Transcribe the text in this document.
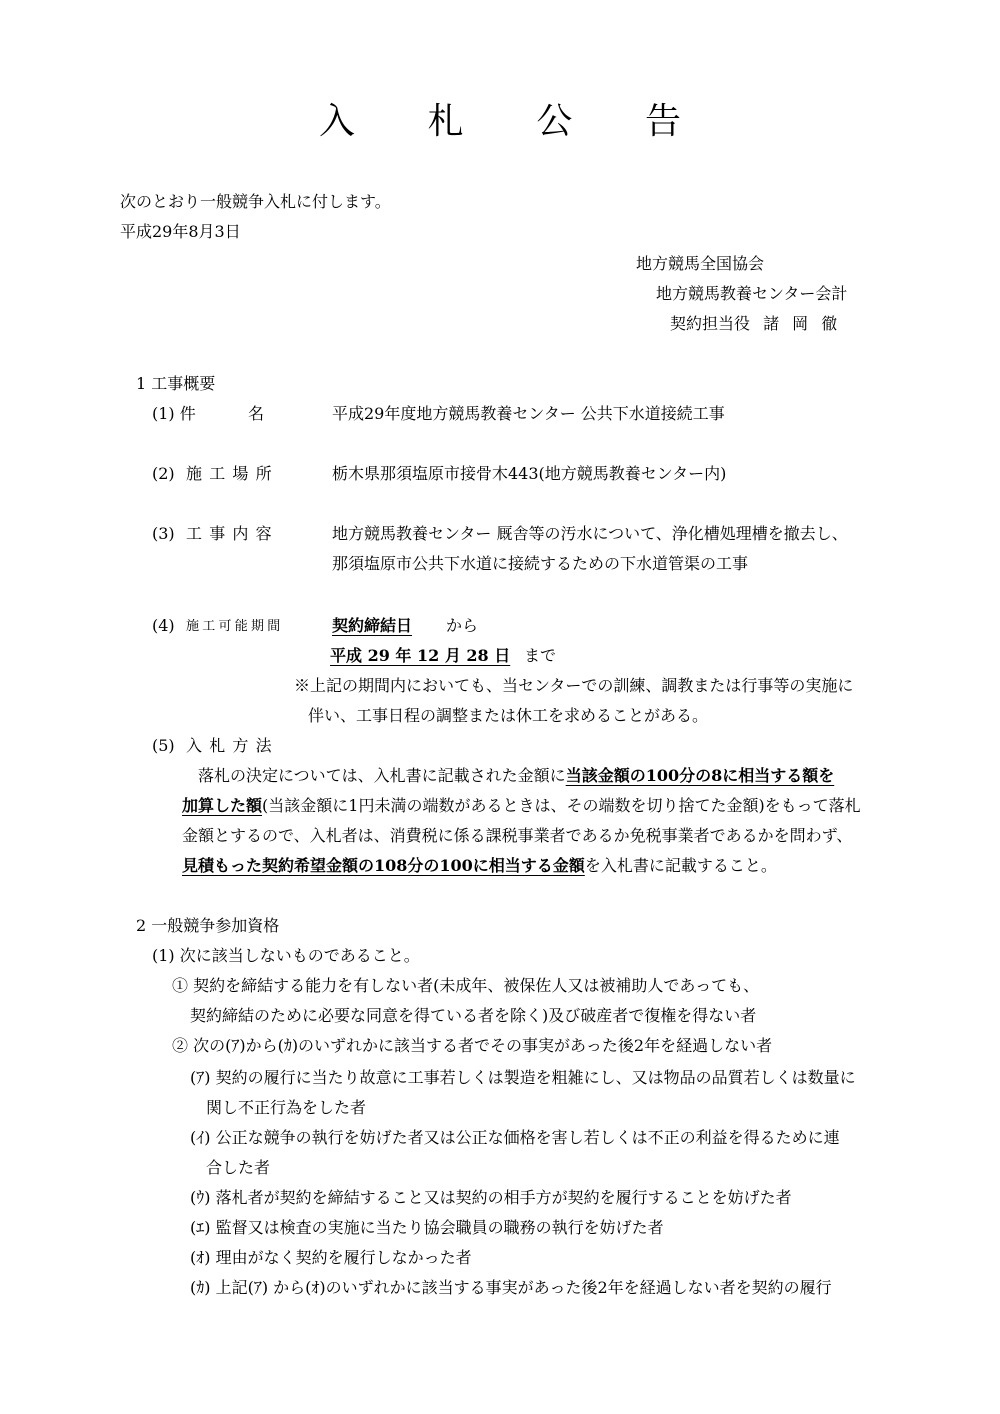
入 札 公 告
次のとおり一般競争入札に付します。
平成29年8月3日
地方競馬全国協会
地方競馬教養センター会計
契約担当役 諸 岡 徹
1 工事概要
(1) 件	名	平成29年度地方競馬教養センター 公共下水道接続工事
(2) 施工場所	栃木県那須塩原市接骨木443(地方競馬教養センター内)
(3) 工事内容	地方競馬教養センター 厩舎等の汚水について、浄化槽処理槽を撤去し、
那須塩原市公共下水道に接続するための下水道管渠の工事
(4) 施工可能期間	契約締結日 から
平成 29 年 12 月 28 日 まで
※上記の期間内においても、当センターでの訓練、調教または行事等の実施に
伴い、工事日程の調整または休工を求めることがある。
(5) 入札方法
落札の決定については、入札書に記載された金額に当該金額の100分の8に相当する額を
加算した額(当該金額に1円未満の端数があるときは、その端数を切り捨てた金額)をもって落札
金額とするので、入札者は、消費税に係る課税事業者であるか免税事業者であるかを問わず、
見積もった契約希望金額の108分の100に相当する金額を入札書に記載すること。
2 一般競争参加資格
(1) 次に該当しないものであること。
① 契約を締結する能力を有しない者(未成年、被保佐人又は被補助人であっても、
契約締結のために必要な同意を得ている者を除く)及び破産者で復権を得ない者
② 次の(ｱ)から(ｶ)のいずれかに該当する者でその事実があった後2年を経過しない者
(ｱ) 契約の履行に当たり故意に工事若しくは製造を粗雑にし、又は物品の品質若しくは数量に
関し不正行為をした者
(ｲ) 公正な競争の執行を妨げた者又は公正な価格を害し若しくは不正の利益を得るために連
合した者
(ｳ) 落札者が契約を締結すること又は契約の相手方が契約を履行することを妨げた者
(ｴ) 監督又は検査の実施に当たり協会職員の職務の執行を妨げた者
(ｵ) 理由がなく契約を履行しなかった者
(ｶ) 上記(ｱ) から(ｵ)のいずれかに該当する事実があった後2年を経過しない者を契約の履行
